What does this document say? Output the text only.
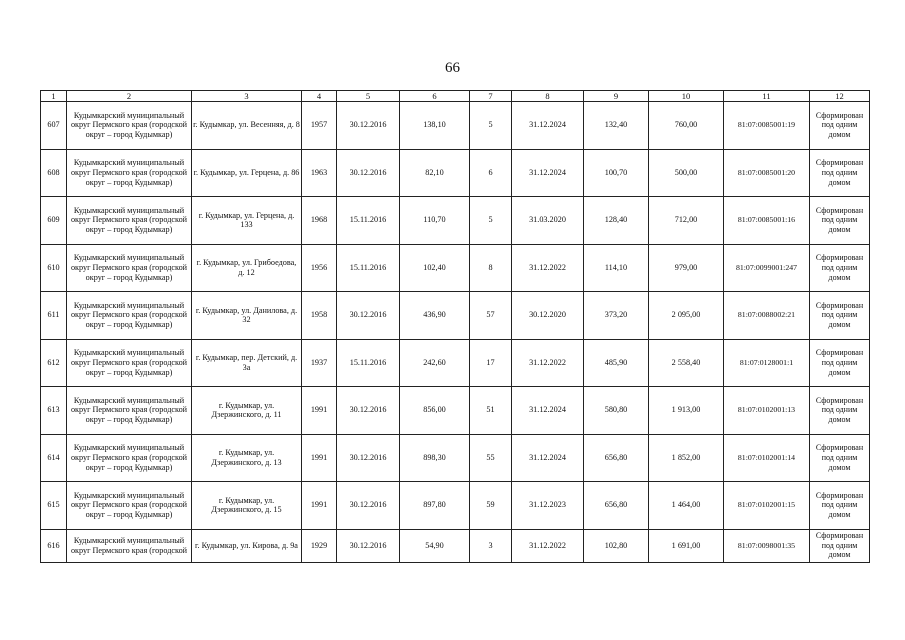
66
1	2	3	4	5	6	7	8	9	10	11	12
607	Кудымкарский муниципальный округ Пермского края (городской округ – город Кудымкар)	г. Кудымкар, ул. Весенняя, д. 8	1957	30.12.2016	138,10	5	31.12.2024	132,40	760,00	81:07:0085001:19	Сформирован под одним домом
608	Кудымкарский муниципальный округ Пермского края (городской округ – город Кудымкар)	г. Кудымкар, ул. Герцена, д. 86	1963	30.12.2016	82,10	6	31.12.2024	100,70	500,00	81:07:0085001:20	Сформирован под одним домом
609	Кудымкарский муниципальный округ Пермского края (городской округ – город Кудымкар)	г. Кудымкар, ул. Герцена, д. 133	1968	15.11.2016	110,70	5	31.03.2020	128,40	712,00	81:07:0085001:16	Сформирован под одним домом
610	Кудымкарский муниципальный округ Пермского края (городской округ – город Кудымкар)	г. Кудымкар, ул. Грибоедова, д. 12	1956	15.11.2016	102,40	8	31.12.2022	114,10	979,00	81:07:0099001:247	Сформирован под одним домом
611	Кудымкарский муниципальный округ Пермского края (городской округ – город Кудымкар)	г. Кудымкар, ул. Данилова, д. 32	1958	30.12.2016	436,90	57	30.12.2020	373,20	2 095,00	81:07:0088002:21	Сформирован под одним домом
612	Кудымкарский муниципальный округ Пермского края (городской округ – город Кудымкар)	г. Кудымкар, пер. Детский, д. 3а	1937	15.11.2016	242,60	17	31.12.2022	485,90	2 558,40	81:07:0128001:1	Сформирован под одним домом
613	Кудымкарский муниципальный округ Пермского края (городской округ – город Кудымкар)	г. Кудымкар, ул. Дзержинского, д. 11	1991	30.12.2016	856,00	51	31.12.2024	580,80	1 913,00	81:07:0102001:13	Сформирован под одним домом
614	Кудымкарский муниципальный округ Пермского края (городской округ – город Кудымкар)	г. Кудымкар, ул. Дзержинского, д. 13	1991	30.12.2016	898,30	55	31.12.2024	656,80	1 852,00	81:07:0102001:14	Сформирован под одним домом
615	Кудымкарский муниципальный округ Пермского края (городской округ – город Кудымкар)	г. Кудымкар, ул. Дзержинского, д. 15	1991	30.12.2016	897,80	59	31.12.2023	656,80	1 464,00	81:07:0102001:15	Сформирован под одним домом
616	Кудымкарский муниципальный округ Пермского края (городской	г. Кудымкар, ул. Кирова, д. 9а	1929	30.12.2016	54,90	3	31.12.2022	102,80	1 691,00	81:07:0098001:35	Сформирован под одним домом
